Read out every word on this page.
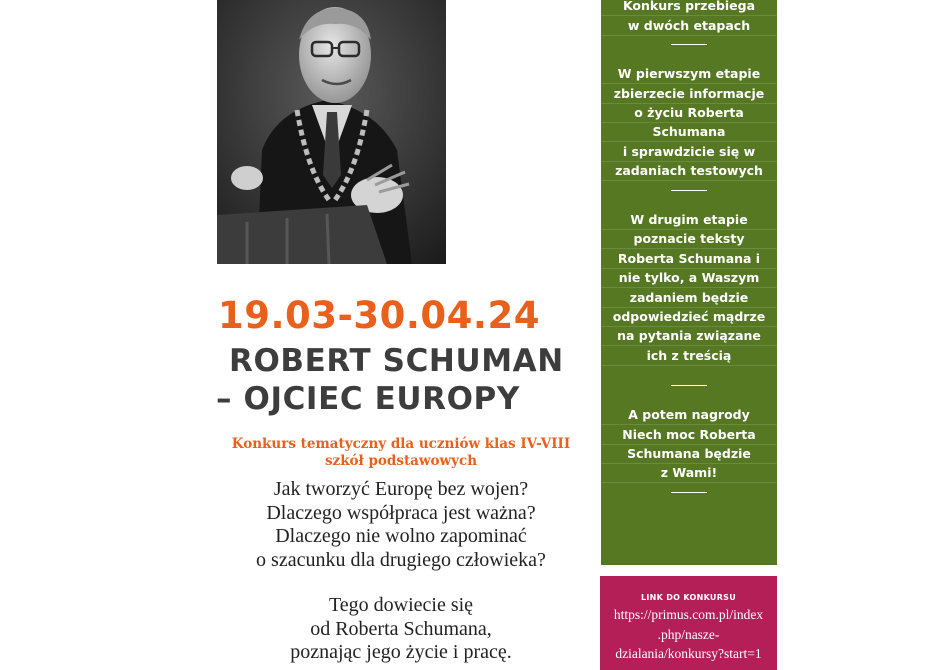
19.03-30.04.24
ROBERT SCHUMAN
– OJCIEC EUROPY
Konkurs tematyczny dla uczniów klas IV-VIII
szkół podstawowych
Jak tworzyć Europę bez wojen?
Dlaczego współpraca jest ważna?
Dlaczego nie wolno zapominać
o szacunku dla drugiego człowieka?
Tego dowiecie się
od Roberta Schumana,
poznając jego życie i pracę.
Konkurs przebiega
w dwóch etapach
W pierwszym etapie
zbierzecie informacje
o życiu Roberta
Schumana
i sprawdzicie się w
zadaniach testowych
W drugim etapie
poznacie teksty
Roberta Schumana i
nie tylko, a Waszym
zadaniem będzie
odpowiedzieć mądrze
na pytania związane
ich z treścią
A potem nagrody
Niech moc Roberta
Schumana będzie
z Wami!
LINK DO KONKURSU
https://primus.com.pl/index
.php/nasze-
dzialania/konkursy?start=1
